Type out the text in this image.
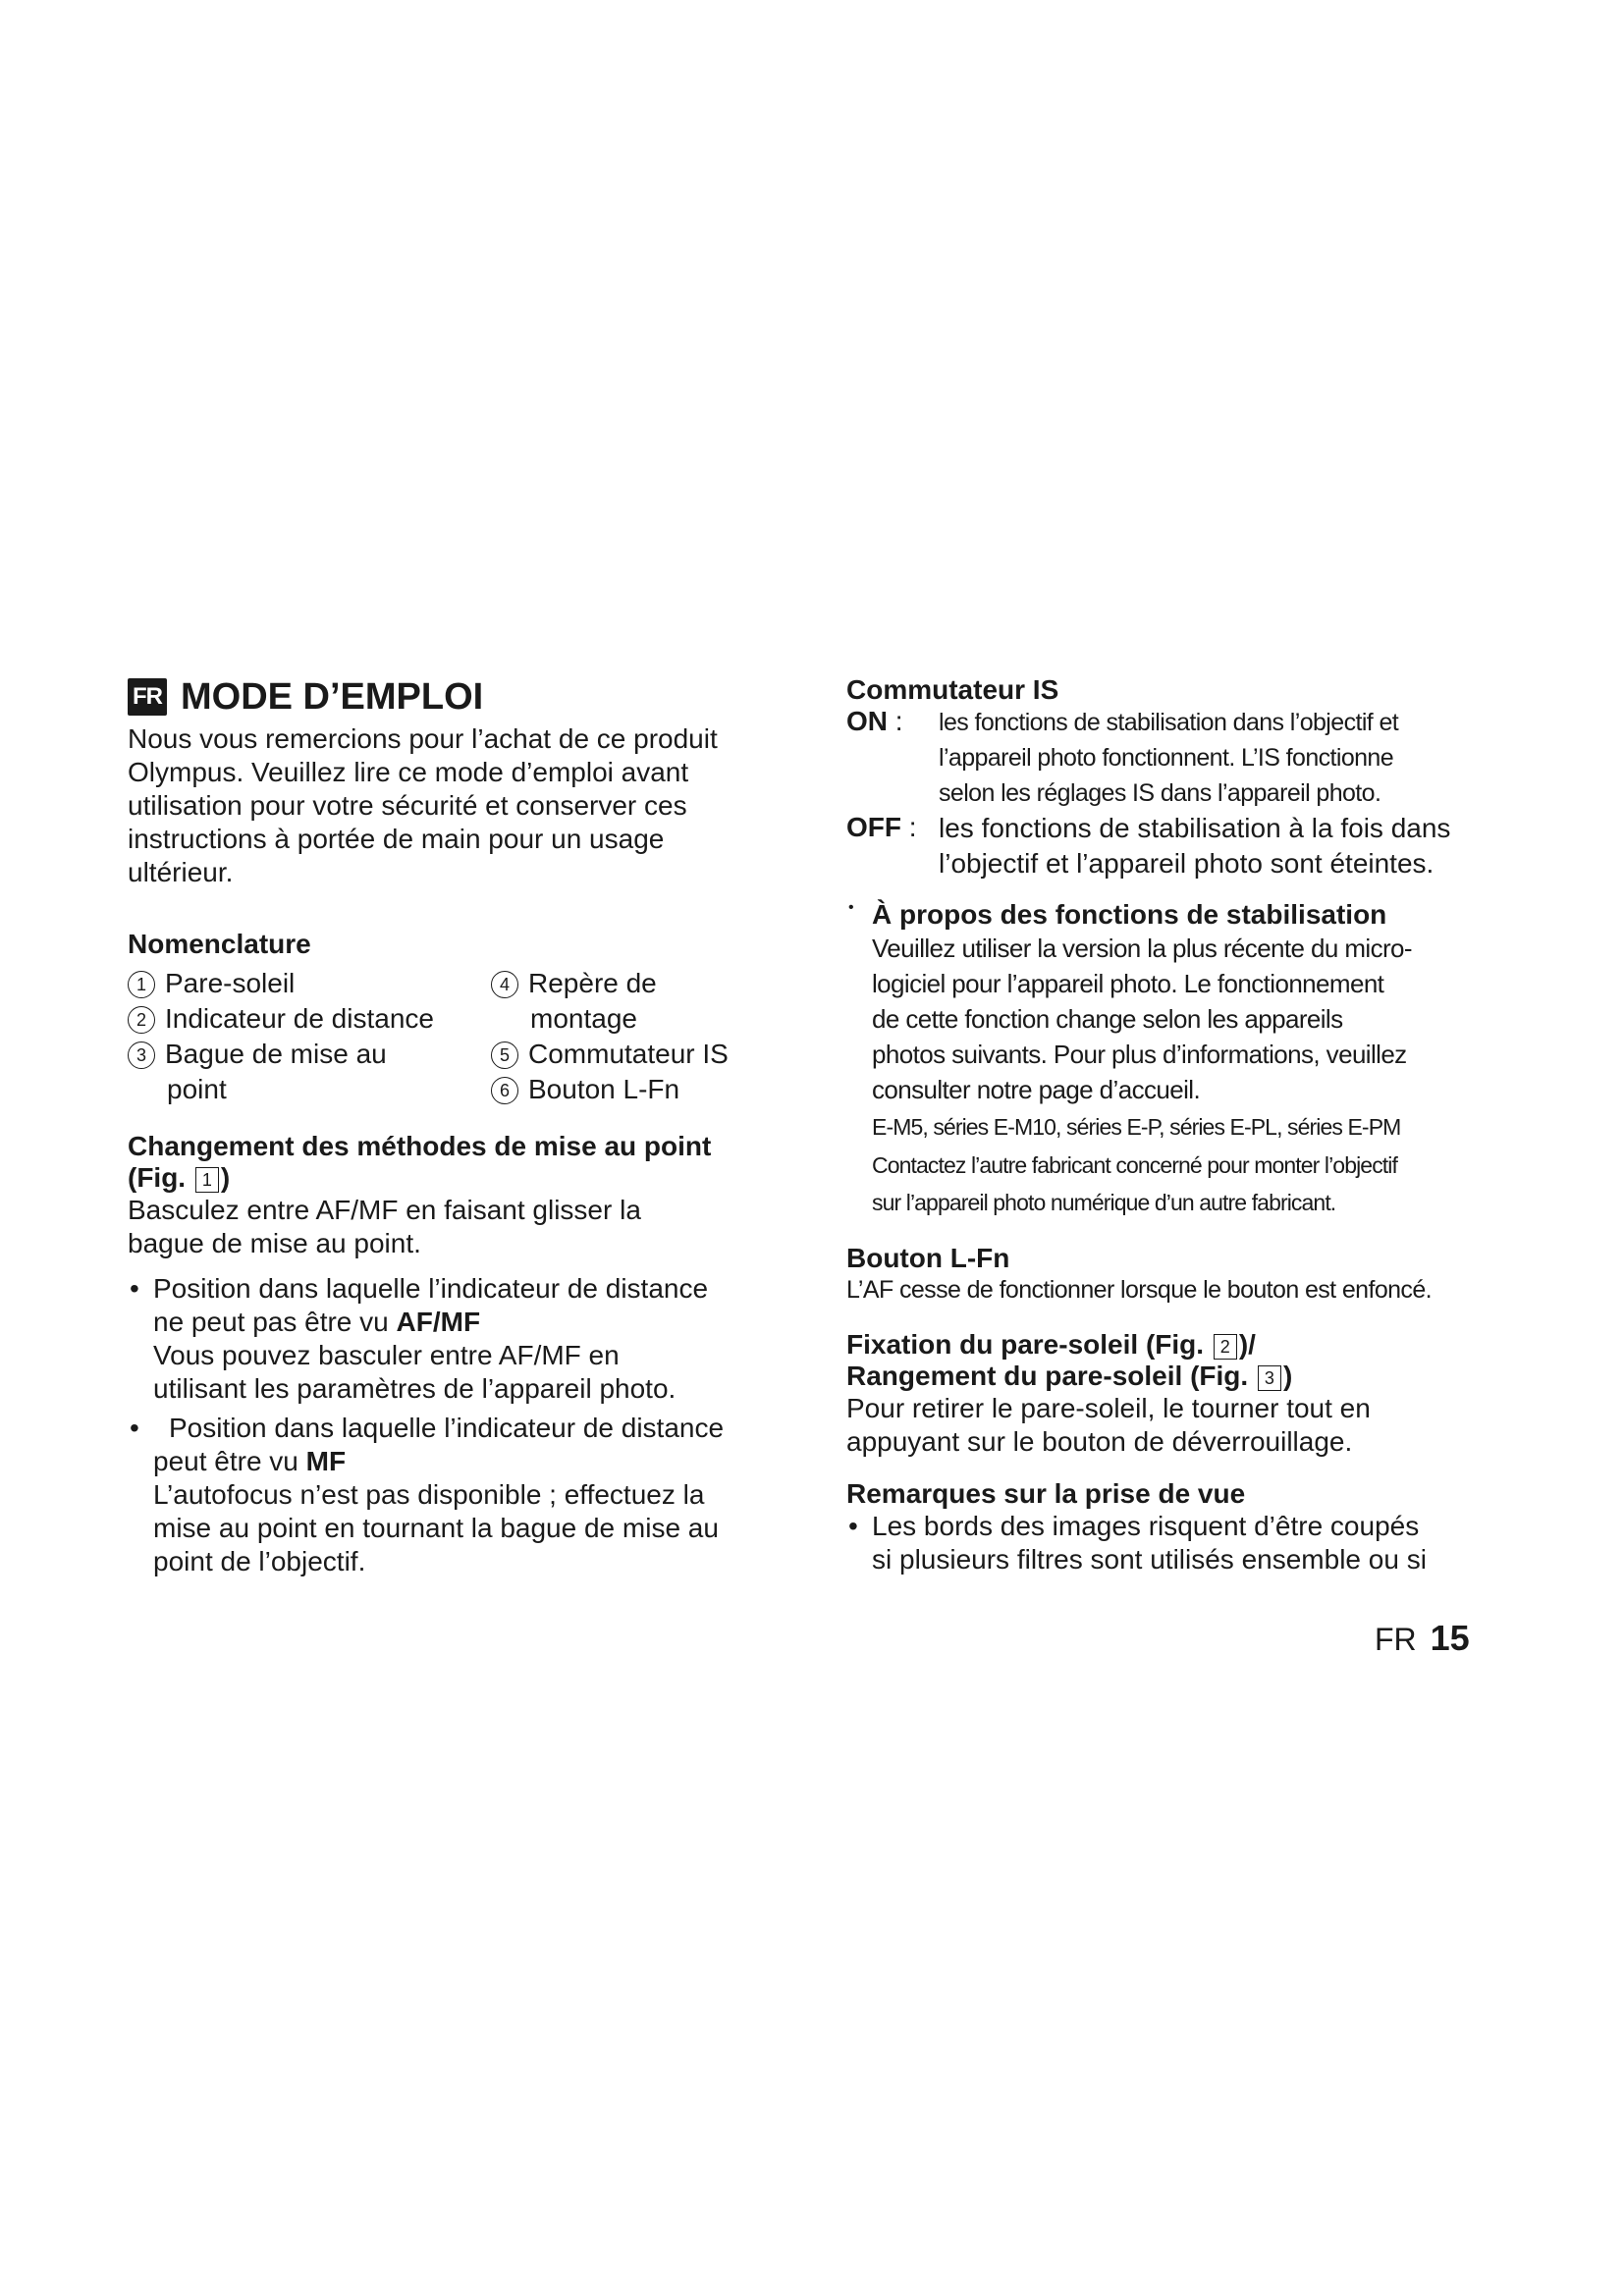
FR MODE D’EMPLOI
Nous vous remercions pour l’achat de ce produit
Olympus. Veuillez lire ce mode d’emploi avant
utilisation pour votre sécurité et conserver ces
instructions à portée de main pour un usage
ultérieur.
Nomenclature
1 Pare-soleil
2 Indicateur de distance
3 Bague de mise au
point
4 Repère de
montage
5 Commutateur IS
6 Bouton L-Fn
Changement des méthodes de mise au point
(Fig. 1 )
Basculez entre AF/MF en faisant glisser la
bague de mise au point.
• Position dans laquelle l’indicateur de distance
ne peut pas être vu AF/MF
Vous pouvez basculer entre AF/MF en
utilisant les paramètres de l’appareil photo.
• Position dans laquelle l’indicateur de distance
peut être vu MF
L’autofocus n’est pas disponible ; effectuez la
mise au point en tournant la bague de mise au
point de l’objectif.
Commutateur IS
ON :	les fonctions de stabilisation dans l’objectif et
l’appareil photo fonctionnent. L’IS fonctionne
selon les réglages IS dans l’appareil photo.
OFF : les fonctions de stabilisation à la fois dans
l’objectif et l’appareil photo sont éteintes.
• À propos des fonctions de stabilisation
Veuillez utiliser la version la plus récente du micro-
logiciel pour l’appareil photo. Le fonctionnement
de cette fonction change selon les appareils
photos suivants. Pour plus d’informations, veuillez
consulter notre page d’accueil.
E-M5, séries E-M10, séries E-P, séries E-PL, séries E-PM
Contactez l’autre fabricant concerné pour monter l’objectif
sur l’appareil photo numérique d’un autre fabricant.
Bouton L-Fn
L’AF cesse de fonctionner lorsque le bouton est enfoncé.
Fixation du pare-soleil (Fig. 2 )/
Rangement du pare-soleil (Fig. 3 )
Pour retirer le pare-soleil, le tourner tout en
appuyant sur le bouton de déverrouillage.
Remarques sur la prise de vue
• Les bords des images risquent d’être coupés
si plusieurs filtres sont utilisés ensemble ou si
FR 15
